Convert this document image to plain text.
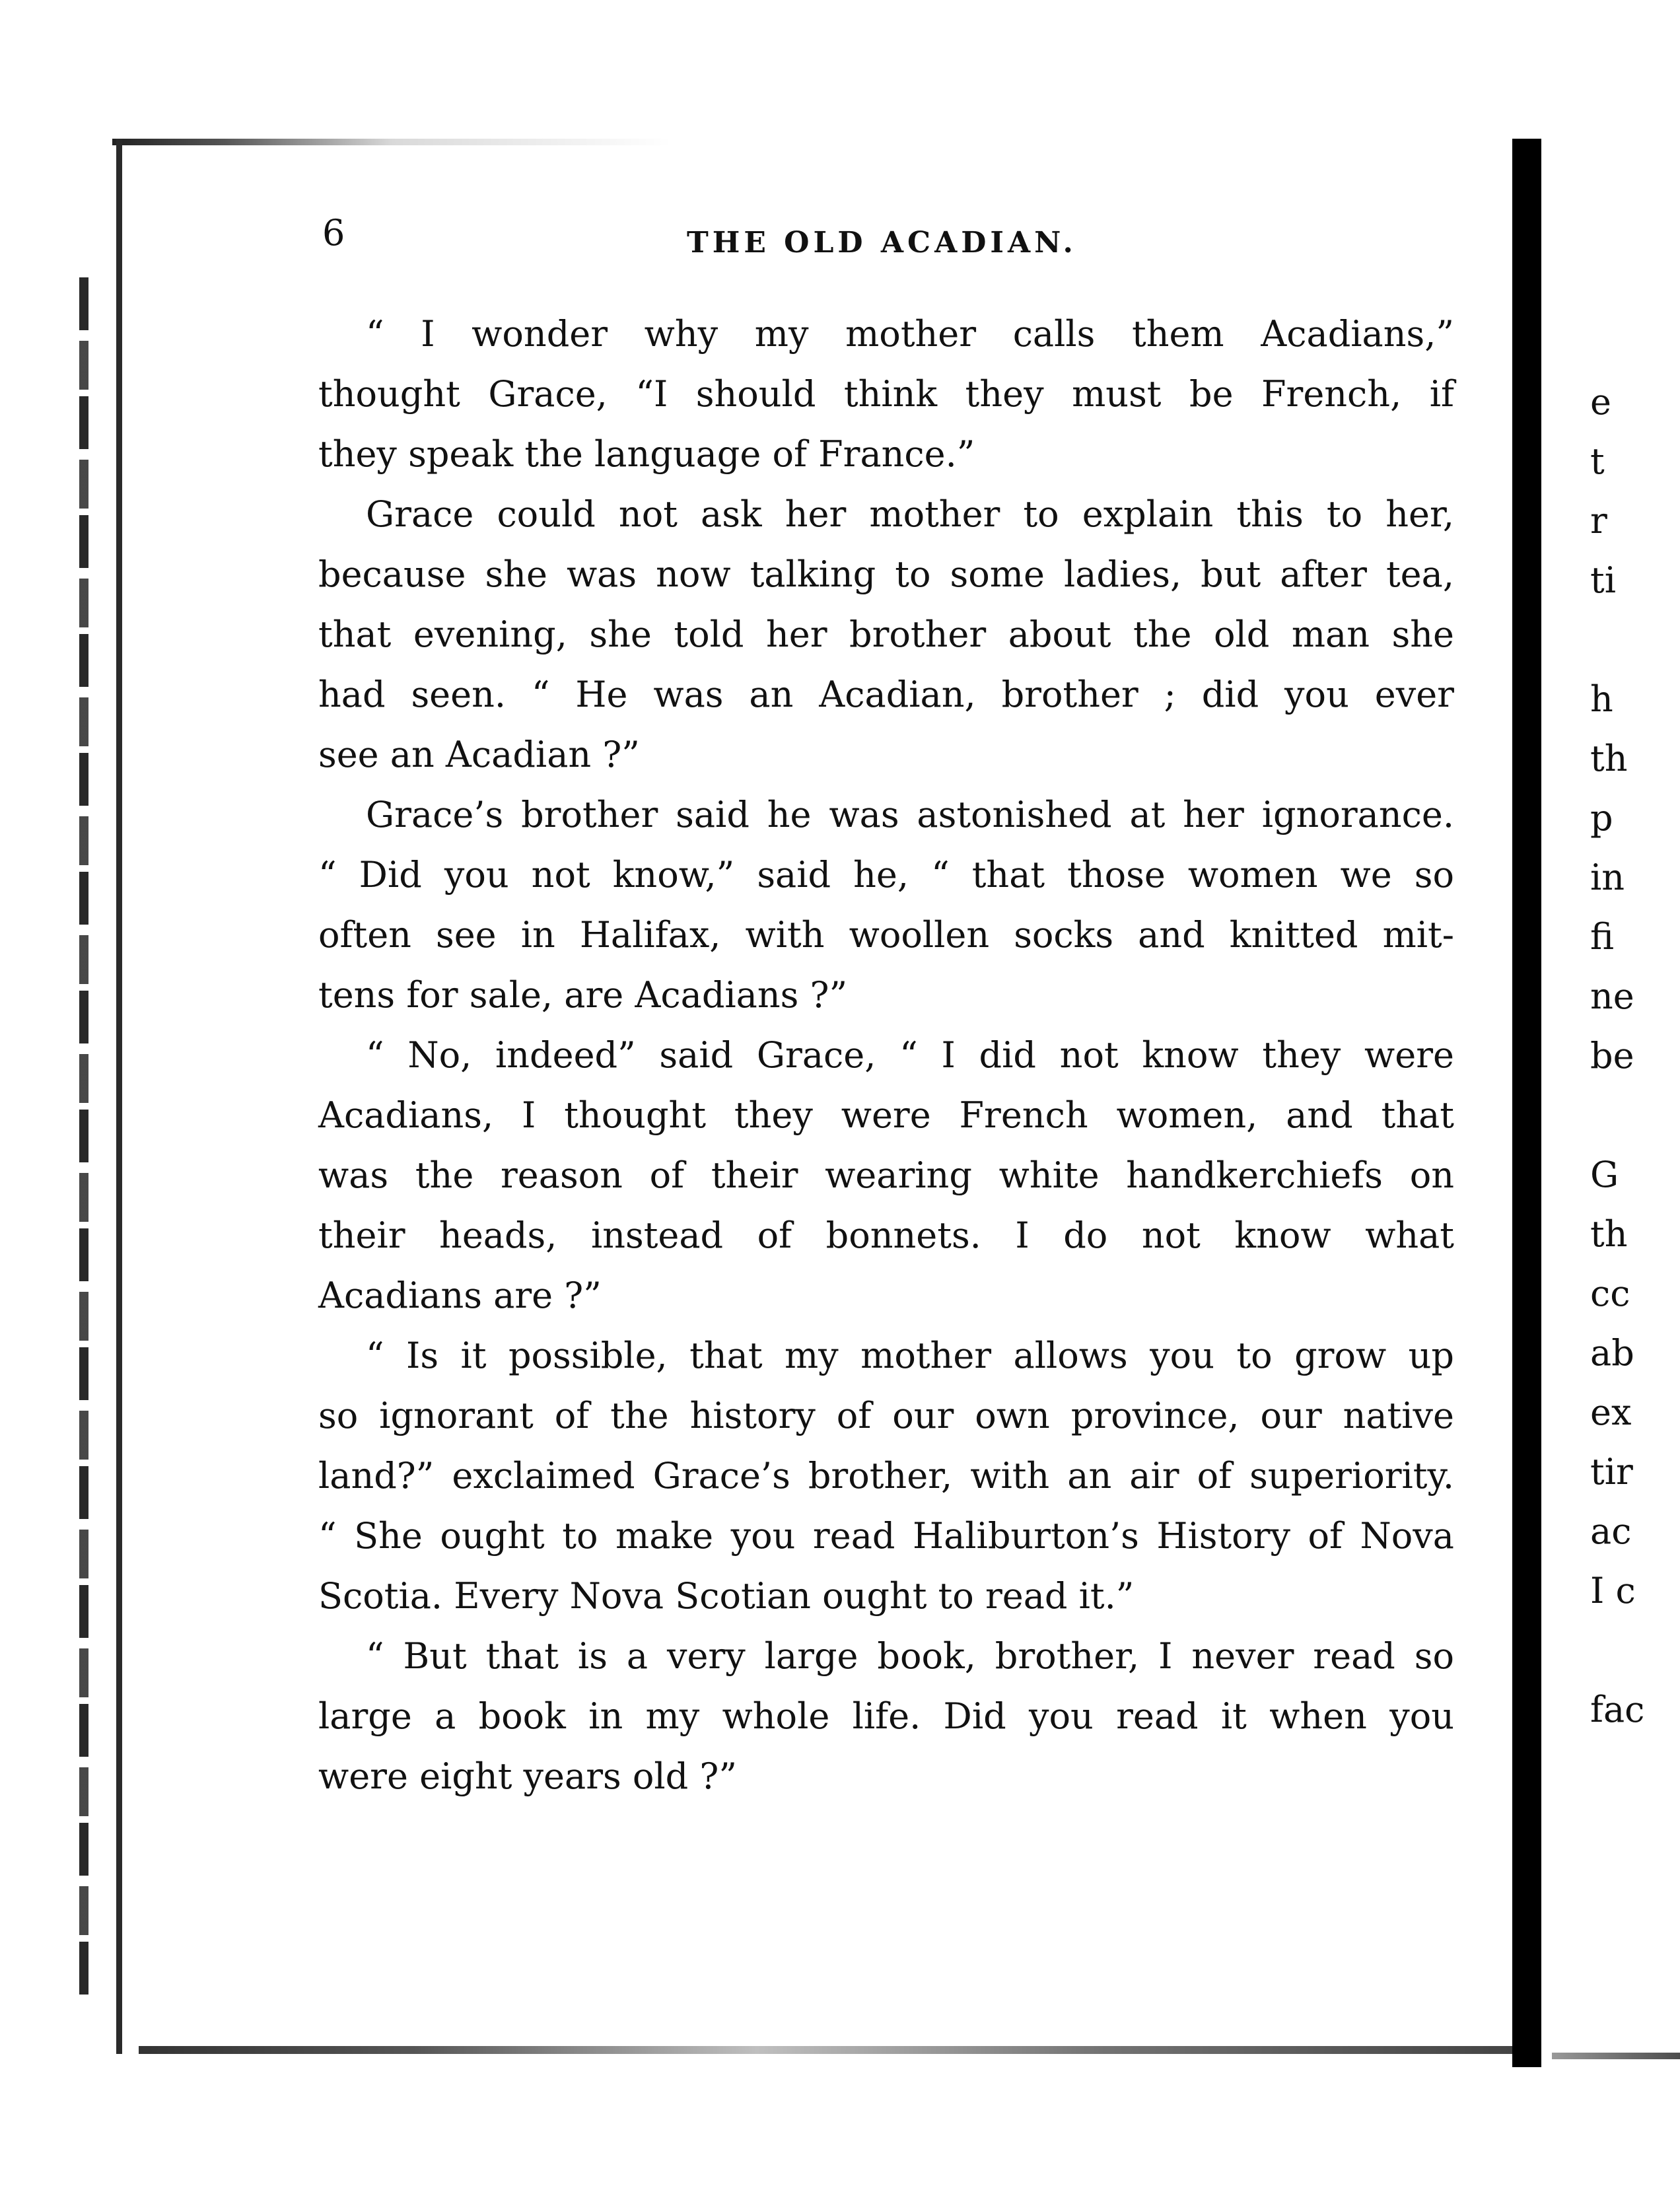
6	THE OLD ACADIAN.
“ I wonder why my mother calls them Acadians,”
thought Grace, “I should think they must be French, if
they speak the language of France.”
Grace could not ask her mother to explain this to her,
because she was now talking to some ladies, but after tea,
that evening, she told her brother about the old man she
had seen. “ He was an Acadian, brother ; did you ever
see an Acadian ?”
Grace’s brother said he was astonished at her ignorance.
“ Did you not know,” said he, “ that those women we so
often see in Halifax, with woollen socks and knitted mit-
tens for sale, are Acadians ?”
“ No, indeed” said Grace, “ I did not know they were
Acadians, I thought they were French women, and that
was the reason of their wearing white handkerchiefs on
their heads, instead of bonnets. I do not know what
Acadians are ?”
“ Is it possible, that my mother allows you to grow up
so ignorant of the history of our own province, our native
land?” exclaimed Grace’s brother, with an air of superiority.
“ She ought to make you read Haliburton’s History of Nova
Scotia. Every Nova Scotian ought to read it.”
“ But that is a very large book, brother, I never read so
large a book in my whole life. Did you read it when you
were eight years old ?”
e
t
r
ti
h
th
p
in
fi
ne
be
G
th
cc
ab
ex
tir
ac
I c
fac
